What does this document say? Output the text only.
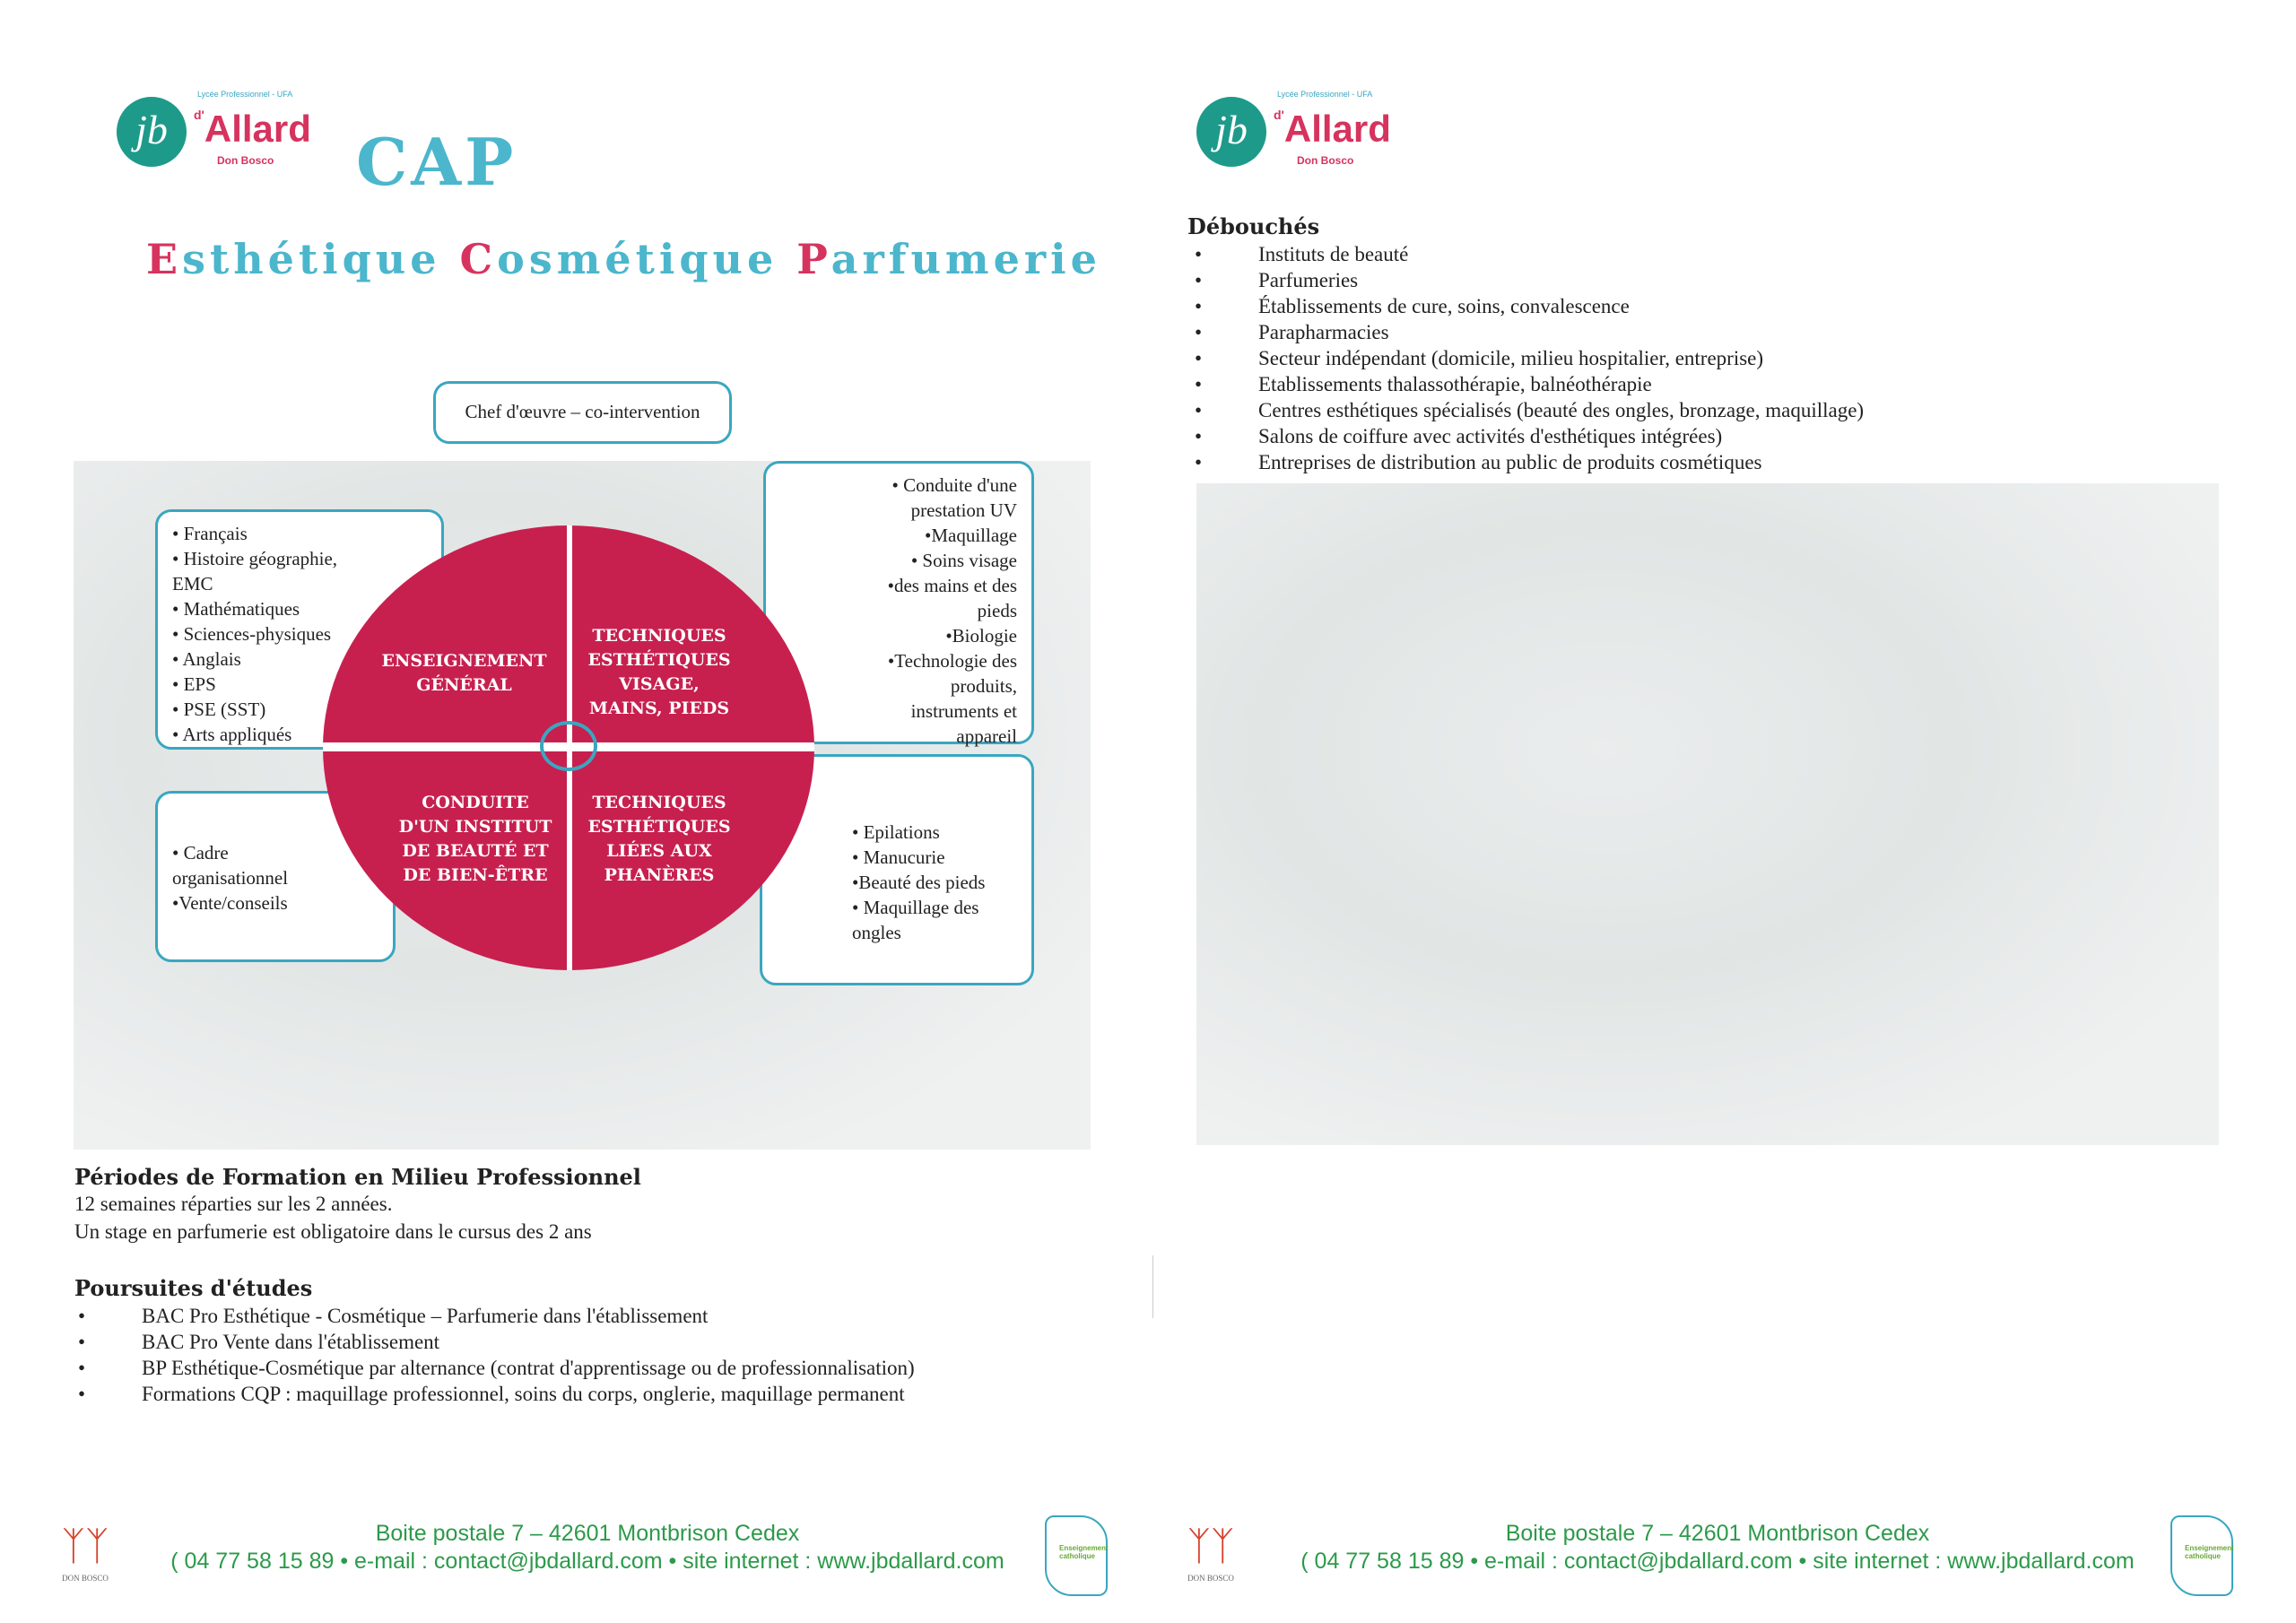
jb
Lycée Professionnel - UFA
$^{d'}$Allard
Don Bosco CAP
Esthétique Cosmétique Parfumerie
Chef d'œuvre – co-intervention
• Français
• Histoire géographie, EMC
• Mathématiques
• Sciences-physiques
• Anglais
• EPS
• PSE (SST)
• Arts appliqués
• Conduite d'une prestation UV
•Maquillage
• Soins visage
•des mains et des pieds
•Biologie
•Technologie des produits, instruments et appareil
• Cadre organisationnel
•Vente/conseils
• Epilations
• Manucurie
•Beauté des pieds
• Maquillage des ongles
ENSEIGNEMENT GÉNÉRAL
TECHNIQUES ESTHÉTIQUES VISAGE, MAINS, PIEDS
CONDUITE D'UN INSTITUT DE BEAUTÉ ET DE BIEN-ÊTRE
TECHNIQUES ESTHÉTIQUES LIÉES AUX PHANÈRES
Périodes de Formation en Milieu Professionnel
12 semaines réparties sur les 2 années.
Un stage en parfumerie est obligatoire dans le cursus des 2 ans
Poursuites d'études
• BAC Pro Esthétique - Cosmétique – Parfumerie dans l'établissement
• BAC Pro Vente dans l'établissement
• BP Esthétique-Cosmétique par alternance (contrat d'apprentissage ou de professionnalisation)
• Formations CQP : maquillage professionnel, soins du corps, onglerie, maquillage permanent
jb
Lycée Professionnel - UFA
$^{d'}$Allard
Don Bosco
Débouchés
• Instituts de beauté
• Parfumeries
• Établissements de cure, soins, convalescence
• Parapharmacies
• Secteur indépendant (domicile, milieu hospitalier, entreprise)
• Etablissements thalassothérapie, balnéothérapie
• Centres esthétiques spécialisés (beauté des ongles, bronzage, maquillage)
• Salons de coiffure avec activités d'esthétiques intégrées)
• Entreprises de distribution au public de produits cosmétiques
ᛉᛉ
DON BOSCO
Boite postale 7 – 42601 Montbrison Cedex
( 04 77 58 15 89 • e-mail : contact@jbdallard.com • site internet : www.jbdallard.com
Enseignement catholique	ᛉᛉ
DON BOSCO
Boite postale 7 – 42601 Montbrison Cedex
( 04 77 58 15 89 • e-mail : contact@jbdallard.com • site internet : www.jbdallard.com
Enseignement catholique
